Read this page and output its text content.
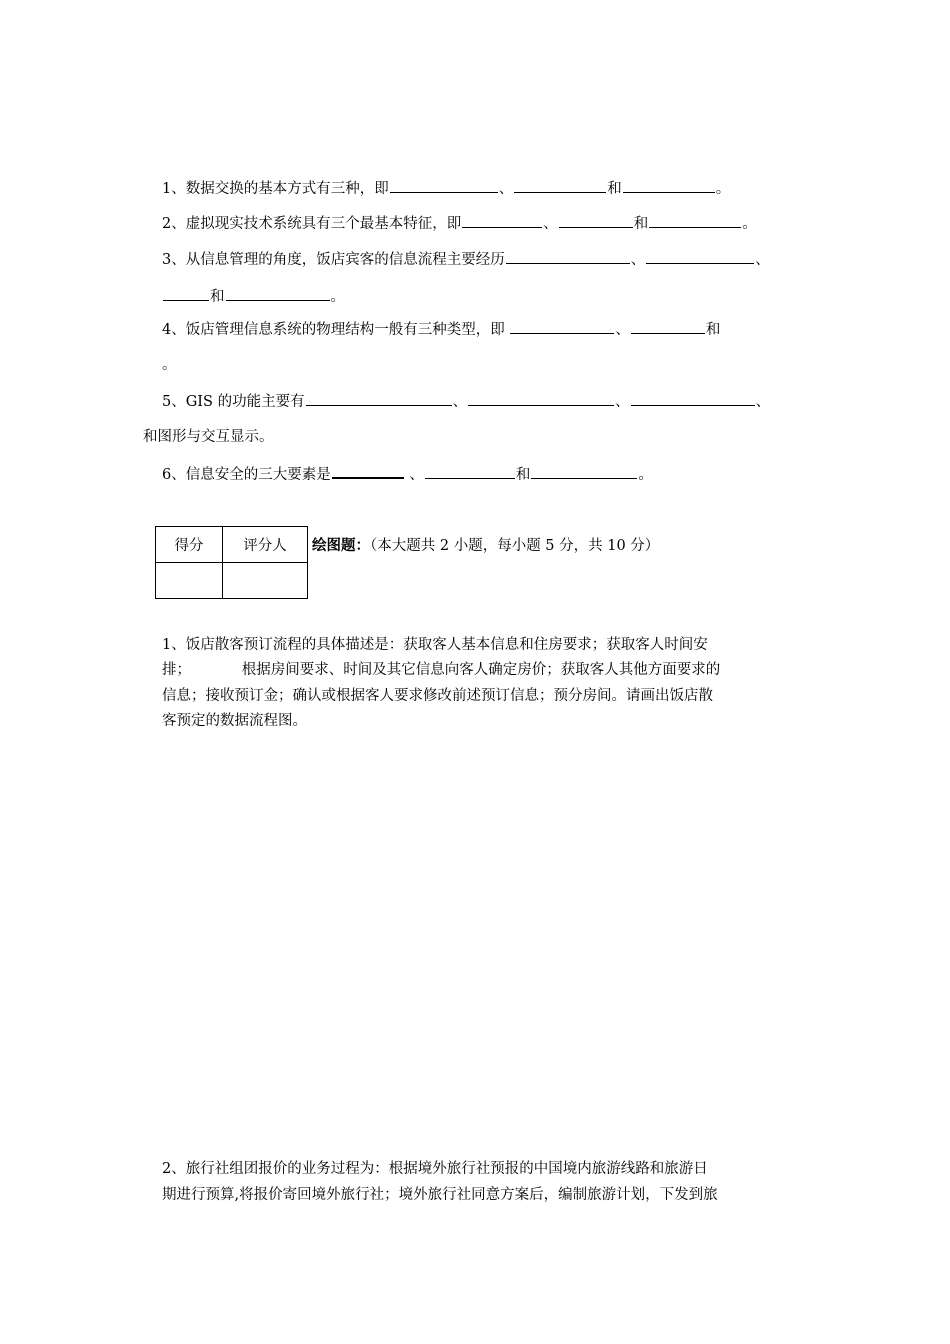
1、数据交换的基本方式有三种，即	、	和	。
2、虚拟现实技术系统具有三个最基本特征，即	、	和	。
3、从信息管理的角度，饭店宾客的信息流程主要经历	、	、
和	。
4、饭店管理信息系统的物理结构一般有三种类型，即	、	和
。
5、GIS 的功能主要有	、	、	、
和图形与交互显示。
6、信息安全的三大要素是	、	和	。
得分	评分人
	绘图题：（本大题共 2 小题，每小题 5 分，共 10 分）
1、饭店散客预订流程的具体描述是：获取客人基本信息和住房要求；获取客人时间安
排；           根据房间要求、时间及其它信息向客人确定房价；获取客人其他方面要求的
信息；接收预订金；确认或根据客人要求修改前述预订信息；预分房间。请画出饭店散
客预定的数据流程图。
2、旅行社组团报价的业务过程为：根据境外旅行社预报的中国境内旅游线路和旅游日
期进行预算,将报价寄回境外旅行社；境外旅行社同意方案后，编制旅游计划，下发到旅
